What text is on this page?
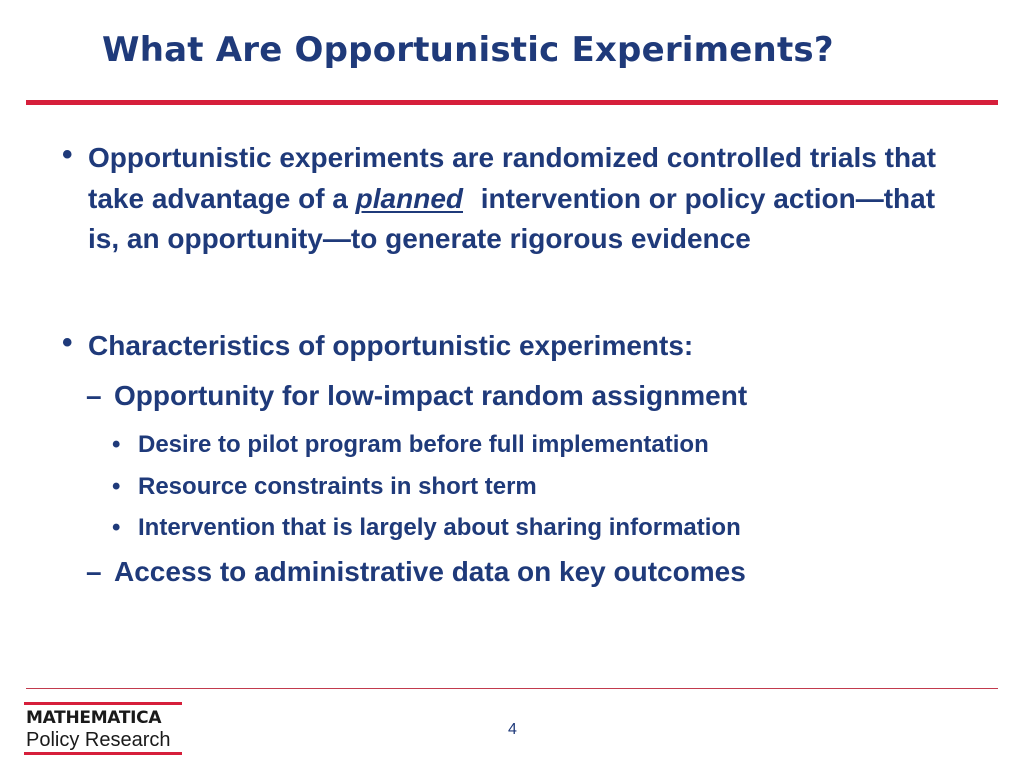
What Are Opportunistic Experiments?
• Opportunistic experiments are randomized controlled trials that take advantage of a planned intervention or policy action—that is, an opportunity—to generate rigorous evidence
• Characteristics of opportunistic experiments:
– Opportunity for low-impact random assignment
• Desire to pilot program before full implementation
• Resource constraints in short term
• Intervention that is largely about sharing information
– Access to administrative data on key outcomes
MATHEMATICA
Policy Research	4
